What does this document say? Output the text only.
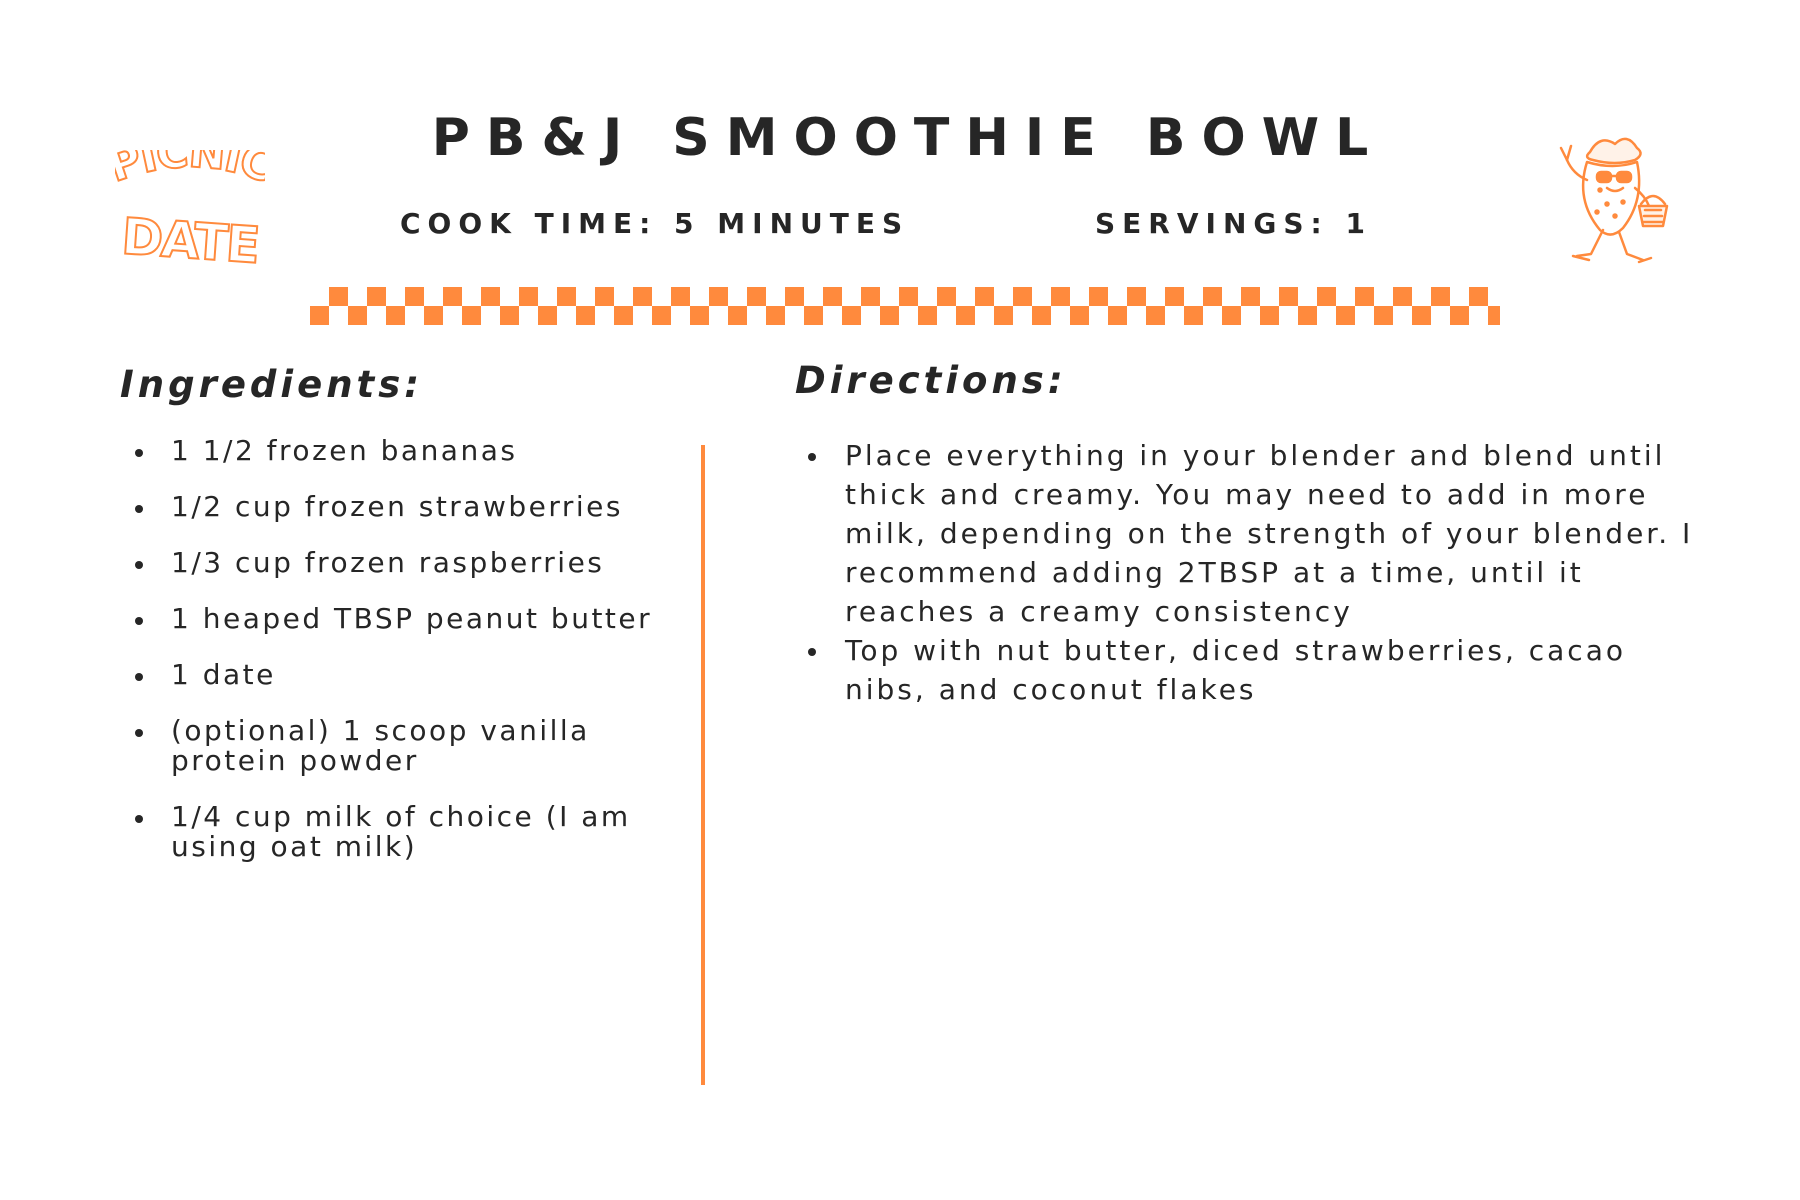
ICNI
DATE
PB&J SMOOTHIE BOWL
COOK TIME: 5 MINUTES	SERVINGS: 1
Ingredients:	Directions:
1 1/2 frozen bananas
1/2 cup frozen strawberries
1/3 cup frozen raspberries
1 heaped TBSP peanut butter
1 date
(optional) 1 scoop vanilla protein powder
1/4 cup milk of choice (I am using oat milk)
Place everything in your blender and blend until thick and creamy. You may need to add in more milk, depending on the strength of your blender. I recommend adding 2TBSP at a time, until it reaches a creamy consistency
Top with nut butter, diced strawberries, cacao nibs, and coconut flakes
